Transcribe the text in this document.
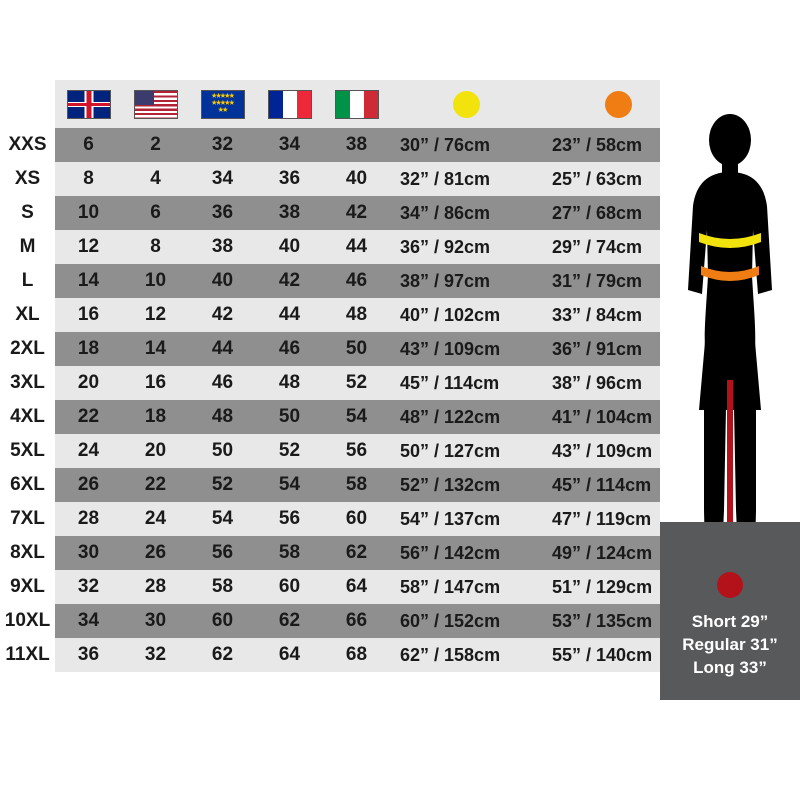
			★★★★★★★★★★★★					
XXS	6	2	32	34	38	30” / 76cm	23” / 58cm	
XS	8	4	34	36	40	32” / 81cm	25” / 63cm	
S	10	6	36	38	42	34” / 86cm	27” / 68cm	
M	12	8	38	40	44	36” / 92cm	29” / 74cm	
L	14	10	40	42	46	38” / 97cm	31” / 79cm	
XL	16	12	42	44	48	40” / 102cm	33” / 84cm	
2XL	18	14	44	46	50	43” / 109cm	36” / 91cm	
3XL	20	16	46	48	52	45” / 114cm	38” / 96cm	
4XL	22	18	48	50	54	48” / 122cm	41” / 104cm	
5XL	24	20	50	52	56	50” / 127cm	43” / 109cm	
6XL	26	22	52	54	58	52” / 132cm	45” / 114cm	
7XL	28	24	54	56	60	54” / 137cm	47” / 119cm	
8XL	30	26	56	58	62	56” / 142cm	49” / 124cm	
9XL	32	28	58	60	64	58” / 147cm	51” / 129cm	
10XL	34	30	60	62	66	60” / 152cm	53” / 135cm	
11XL	36	32	62	64	68	62” / 158cm	55” / 140cm	
Short 29”
Regular 31”
Long 33”
